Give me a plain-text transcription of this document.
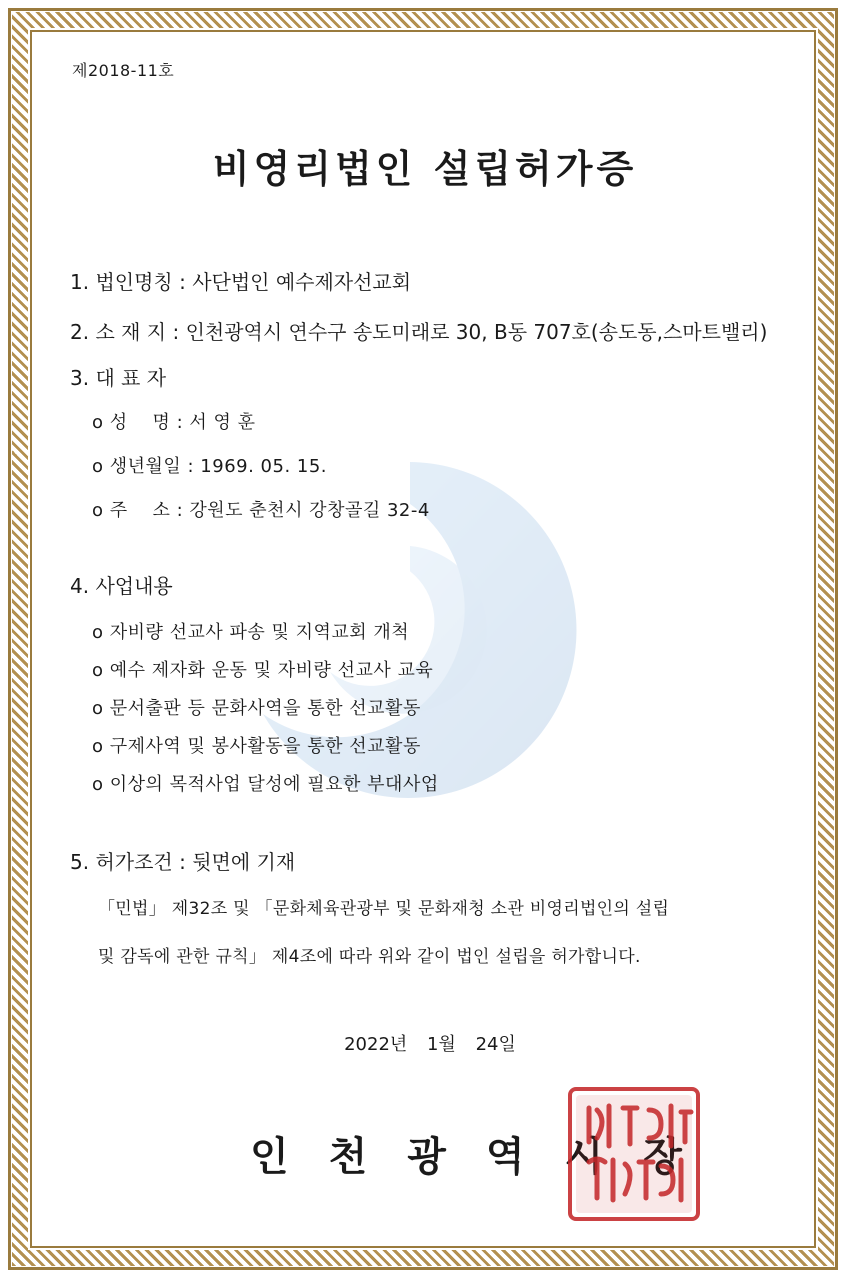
제2018-11호
비영리법인 설립허가증
1. 법인명칭 : 사단법인 예수제자선교회
2. 소 재 지 : 인천광역시 연수구 송도미래로 30, B동 707호(송도동,스마트밸리)
3. 대 표 자
o 성    명 : 서 영 훈
o 생년월일 : 1969. 05. 15.
o 주    소 : 강원도 춘천시 강창골길 32-4
4. 사업내용
o 자비량 선교사 파송 및 지역교회 개척
o 예수 제자화 운동 및 자비량 선교사 교육
o 문서출판 등 문화사역을 통한 선교활동
o 구제사역 및 봉사활동을 통한 선교활동
o 이상의 목적사업 달성에 필요한 부대사업
5. 허가조건 : 뒷면에 기재
「민법」 제32조 및 「문화체육관광부 및 문화재청 소관 비영리법인의 설립
및 감독에 관한 규칙」 제4조에 따라 위와 같이 법인 설립을 허가합니다.
2022년 1월 24일
인천광역시장
